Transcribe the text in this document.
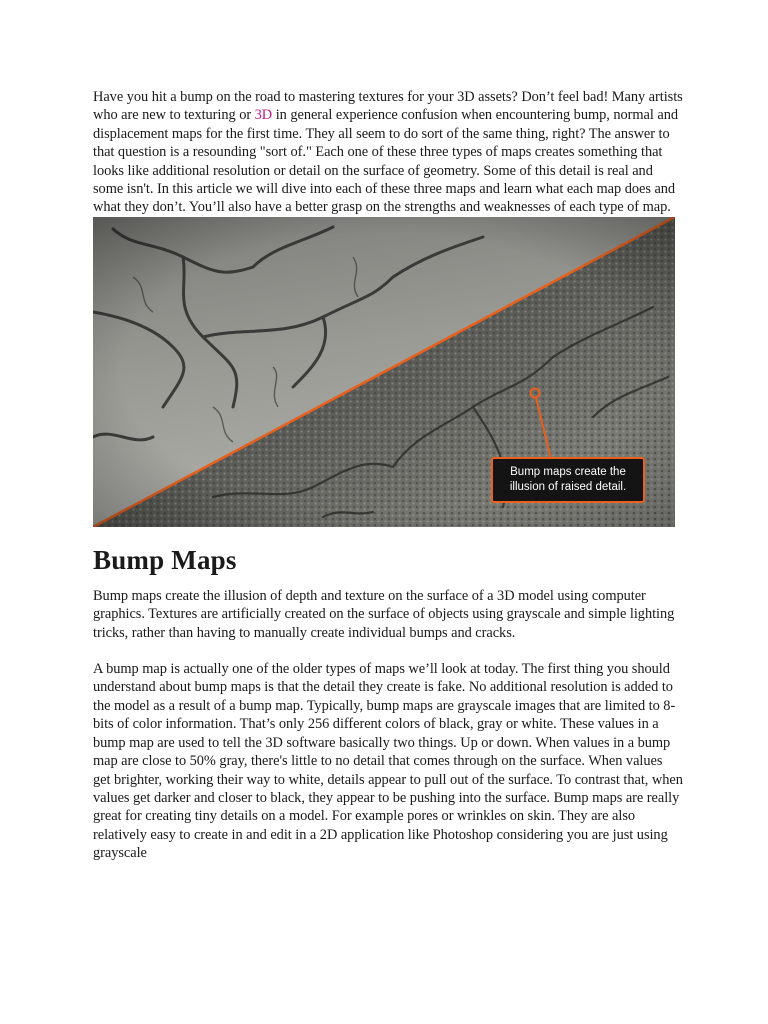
Have you hit a bump on the road to mastering textures for your 3D assets? Don’t feel bad! Many artists who are new to texturing or 3D in general experience confusion when encountering bump, normal and displacement maps for the first time. They all seem to do sort of the same thing, right? The answer to that question is a resounding "sort of." Each one of these three types of maps creates something that looks like additional resolution or detail on the surface of geometry. Some of this detail is real and some isn't. In this article we will dive into each of these three maps and learn what each map does and what they don’t. You’ll also have a better grasp on the strengths and weaknesses of each type of map.

Bump maps create the illusion of raised detail.
Bump Maps

Bump maps create the illusion of depth and texture on the surface of a 3D model using computer graphics. Textures are artificially created on the surface of objects using grayscale and simple lighting tricks, rather than having to manually create individual bumps and cracks.

A bump map is actually one of the older types of maps we’ll look at today. The first thing you should understand about bump maps is that the detail they create is fake. No additional resolution is added to the model as a result of a bump map. Typically, bump maps are grayscale images that are limited to 8-bits of color information. That’s only 256 different colors of black, gray or white. These values in a bump map are used to tell the 3D software basically two things. Up or down. When values in a bump map are close to 50% gray, there's little to no detail that comes through on the surface. When values get brighter, working their way to white, details appear to pull out of the surface. To contrast that, when values get darker and closer to black, they appear to be pushing into the surface. Bump maps are really great for creating tiny details on a model. For example pores or wrinkles on skin. They are also relatively easy to create in and edit in a 2D application like Photoshop considering you are just using grayscale
